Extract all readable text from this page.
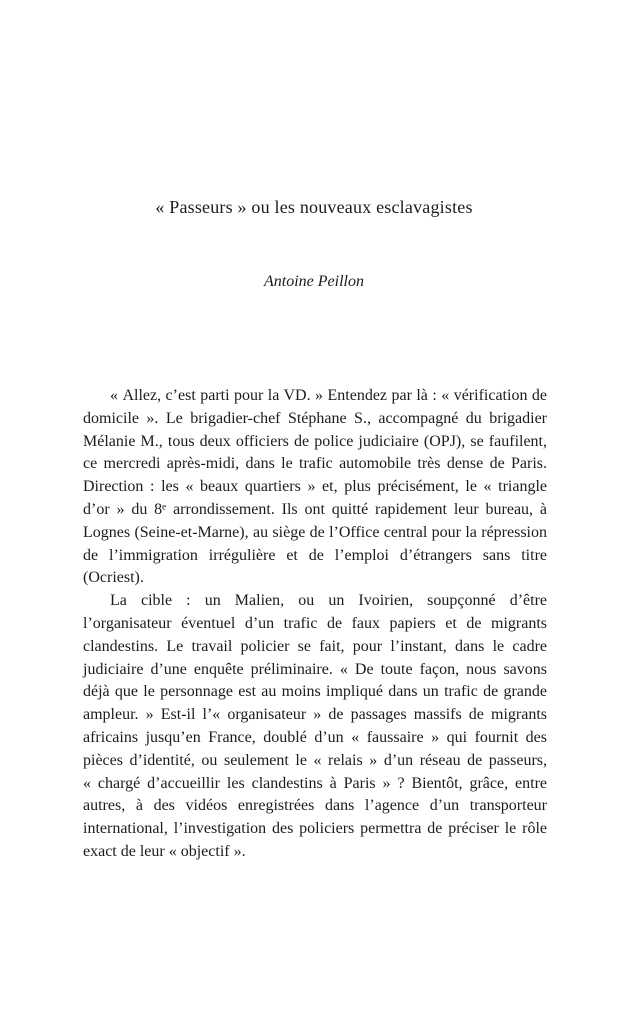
« Passeurs » ou les nouveaux esclavagistes
Antoine Peillon

« Allez, c’est parti pour la VD. » Entendez par là : « vérification de domicile ». Le brigadier-chef Stéphane S., accompagné du brigadier Mélanie M., tous deux officiers de police judiciaire (OPJ), se faufilent, ce mercredi après-midi, dans le trafic automobile très dense de Paris. Direction : les « beaux quartiers » et, plus précisément, le « triangle d’or » du 8ᵉ arrondissement. Ils ont quitté rapidement leur bureau, à Lognes (Seine-et-Marne), au siège de l’Office central pour la répression de l’immigration irrégulière et de l’emploi d’étrangers sans titre (Ocriest).

La cible : un Malien, ou un Ivoirien, soupçonné d’être l’organisateur éventuel d’un trafic de faux papiers et de migrants clandestins. Le travail policier se fait, pour l’instant, dans le cadre judiciaire d’une enquête préliminaire. « De toute façon, nous savons déjà que le personnage est au moins impliqué dans un trafic de grande ampleur. » Est-il l’« organisateur » de passages massifs de migrants africains jusqu’en France, doublé d’un « faussaire » qui fournit des pièces d’identité, ou seulement le « relais » d’un réseau de passeurs, « chargé d’accueillir les clandestins à Paris » ? Bientôt, grâce, entre autres, à des vidéos enregistrées dans l’agence d’un transporteur international, l’investigation des policiers permettra de préciser le rôle exact de leur « objectif ».
